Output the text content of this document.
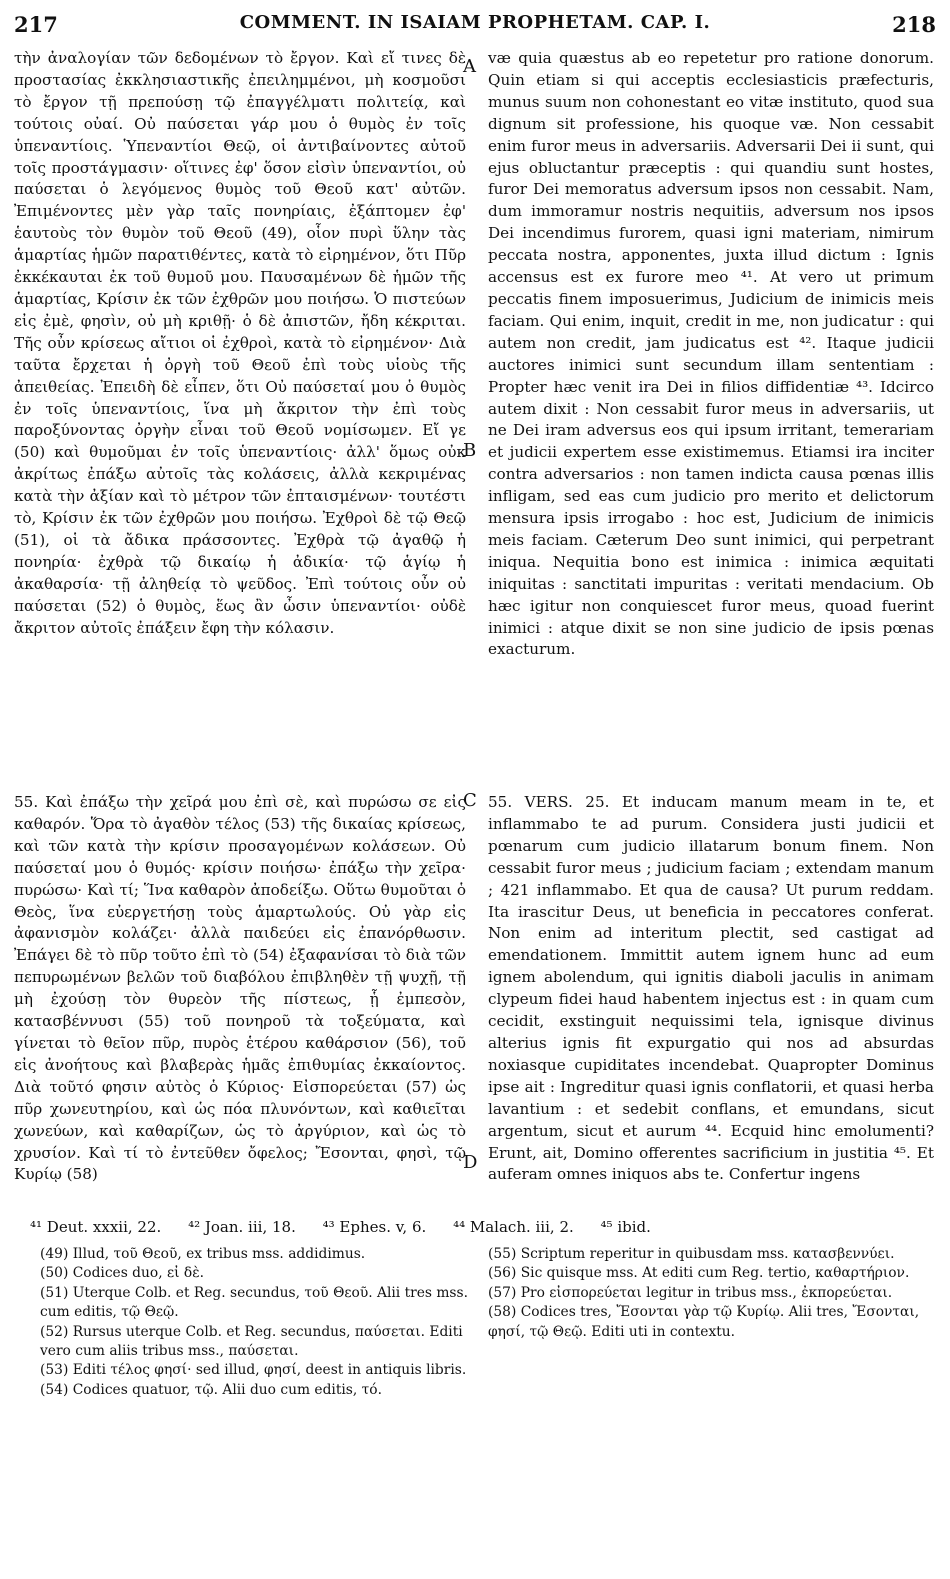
217	COMMENT. IN ISAIAM PROPHETAM. CAP. I.	218

τὴν ἀναλογίαν τῶν δεδομένων τὸ ἔργον. Καὶ εἴ τινες δὲ προστασίας ἐκκλησιαστικῆς ἐπειλημμένοι, μὴ κοσμοῦσι τὸ ἔργον τῇ πρεπούσῃ τῷ ἐπαγγέλματι πολιτείᾳ, καὶ τούτοις οὐαί. Οὐ παύσεται γάρ μου ὁ θυμὸς ἐν τοῖς ὑπεναντίοις. Ὑπεναντίοι Θεῷ, οἱ ἀντιβαίνοντες αὐτοῦ τοῖς προστάγμασιν· οἵτινες ἐφ' ὅσον εἰσὶν ὑπεναντίοι, οὐ παύσεται ὁ λεγόμενος θυμὸς τοῦ Θεοῦ κατ' αὐτῶν. Ἐπιμένοντες μὲν γὰρ ταῖς πονηρίαις, ἐξάπτομεν ἐφ' ἑαυτοὺς τὸν θυμὸν τοῦ Θεοῦ (49), οἷον πυρὶ ὕλην τὰς ἁμαρτίας ἡμῶν παρατιθέντες, κατὰ τὸ εἰρημένον, ὅτι Πῦρ ἐκκέκαυται ἐκ τοῦ θυμοῦ μου. Παυσαμένων δὲ ἡμῶν τῆς ἁμαρτίας, Κρίσιν ἐκ τῶν ἐχθρῶν μου ποιήσω. Ὁ πιστεύων εἰς ἐμὲ, φησὶν, οὐ μὴ κριθῇ· ὁ δὲ ἀπιστῶν, ἤδη κέκριται. Τῆς οὖν κρίσεως αἴτιοι οἱ ἐχθροὶ, κατὰ τὸ εἰρημένον· Διὰ ταῦτα ἔρχεται ἡ ὀργὴ τοῦ Θεοῦ ἐπὶ τοὺς υἱοὺς τῆς ἀπειθείας. Ἐπειδὴ δὲ εἶπεν, ὅτι Οὐ παύσεταί μου ὁ θυμὸς ἐν τοῖς ὑπεναντίοις, ἵνα μὴ ἄκριτον τὴν ἐπὶ τοὺς παροξύνοντας ὀργὴν εἶναι τοῦ Θεοῦ νομίσωμεν. Εἴ γε (50) καὶ θυμοῦμαι ἐν τοῖς ὑπεναντίοις· ἀλλ' ὅμως οὐκ ἀκρίτως ἐπάξω αὐτοῖς τὰς κολάσεις, ἀλλὰ κεκριμένας κατὰ τὴν ἀξίαν καὶ τὸ μέτρον τῶν ἐπταισμένων· τουτέστι τὸ, Κρίσιν ἐκ τῶν ἐχθρῶν μου ποιήσω. Ἐχθροὶ δὲ τῷ Θεῷ (51), οἱ τὰ ἄδικα πράσσοντες. Ἐχθρὰ τῷ ἀγαθῷ ἡ πονηρία· ἐχθρὰ τῷ δικαίῳ ἡ ἀδικία· τῷ ἁγίῳ ἡ ἀκαθαρσία· τῇ ἀληθείᾳ τὸ ψεῦδος. Ἐπὶ τούτοις οὖν οὐ παύσεται (52) ὁ θυμὸς, ἕως ἂν ὦσιν ὑπεναντίοι· οὐδὲ ἄκριτον αὐτοῖς ἐπάξειν ἔφη τὴν κόλασιν.

væ quia quæstus ab eo repetetur pro ratione donorum. Quin etiam si qui acceptis ecclesiasticis præfecturis, munus suum non cohonestant eo vitæ instituto, quod sua dignum sit professione, his quoque væ. Non cessabit enim furor meus in adversariis. Adversarii Dei ii sunt, qui ejus obluctantur præceptis : qui quandiu sunt hostes, furor Dei memoratus adversum ipsos non cessabit. Nam, dum immoramur nostris nequitiis, adversum nos ipsos Dei incendimus furorem, quasi igni materiam, nimirum peccata nostra, apponentes, juxta illud dictum : Ignis accensus est ex furore meo ⁴¹. At vero ut primum peccatis finem imposuerimus, Judicium de inimicis meis faciam. Qui enim, inquit, credit in me, non judicatur : qui autem non credit, jam judicatus est ⁴². Itaque judicii auctores inimici sunt secundum illam sententiam : Propter hæc venit ira Dei in filios diffidentiæ ⁴³. Idcirco autem dixit : Non cessabit furor meus in adversariis, ut ne Dei iram adversus eos qui ipsum irritant, temerariam et judicii expertem esse existimemus. Etiamsi ira inciter contra adversarios : non tamen indicta causa pœnas illis infligam, sed eas cum judicio pro merito et delictorum mensura ipsis irrogabo : hoc est, Judicium de inimicis meis faciam. Cæterum Deo sunt inimici, qui perpetrant iniqua. Nequitia bono est inimica : inimica æquitati iniquitas : sanctitati impuritas : veritati mendacium. Ob hæc igitur non conquiescet furor meus, quoad fuerint inimici : atque dixit se non sine judicio de ipsis pœnas exacturum.

55. Καὶ ἐπάξω τὴν χεῖρά μου ἐπὶ σὲ, καὶ πυρώσω σε εἰς καθαρόν. Ὅρα τὸ ἀγαθὸν τέλος (53) τῆς δικαίας κρίσεως, καὶ τῶν κατὰ τὴν κρίσιν προσαγομένων κολάσεων. Οὐ παύσεταί μου ὁ θυμός· κρίσιν ποιήσω· ἐπάξω τὴν χεῖρα· πυρώσω· Καὶ τί; Ἵνα καθαρὸν ἀποδείξω. Οὕτω θυμοῦται ὁ Θεὸς, ἵνα εὐεργετήσῃ τοὺς ἁμαρτωλούς. Οὐ γὰρ εἰς ἀφανισμὸν κολάζει· ἀλλὰ παιδεύει εἰς ἐπανόρθωσιν. Ἐπάγει δὲ τὸ πῦρ τοῦτο ἐπὶ τὸ (54) ἐξαφανίσαι τὸ διὰ τῶν πεπυρωμένων βελῶν τοῦ διαβόλου ἐπιβληθὲν τῇ ψυχῇ, τῇ μὴ ἐχούσῃ τὸν θυρεὸν τῆς πίστεως, ᾗ ἐμπεσὸν, κατασβέννυσι (55) τοῦ πονηροῦ τὰ τοξεύματα, καὶ γίνεται τὸ θεῖον πῦρ, πυρὸς ἑτέρου καθάρσιον (56), τοῦ εἰς ἀνοήτους καὶ βλαβερὰς ἡμᾶς ἐπιθυμίας ἐκκαίοντος. Διὰ τοῦτό φησιν αὐτὸς ὁ Κύριος· Εἰσπορεύεται (57) ὡς πῦρ χωνευτηρίου, καὶ ὡς πόα πλυνόντων, καὶ καθιεῖται χωνεύων, καὶ καθαρίζων, ὡς τὸ ἀργύριον, καὶ ὡς τὸ χρυσίον. Καὶ τί τὸ ἐντεῦθεν ὄφελος; Ἔσονται, φησὶ, τῷ Κυρίῳ (58)

55. VERS. 25. Et inducam manum meam in te, et inflammabo te ad purum. Considera justi judicii et pœnarum cum judicio illatarum bonum finem. Non cessabit furor meus ; judicium faciam ; extendam manum ; 421 inflammabo. Et qua de causa? Ut purum reddam. Ita irascitur Deus, ut beneficia in peccatores conferat. Non enim ad interitum plectit, sed castigat ad emendationem. Immittit autem ignem hunc ad eum ignem abolendum, qui ignitis diaboli jaculis in animam clypeum fidei haud habentem injectus est : in quam cum cecidit, exstinguit nequissimi tela, ignisque divinus alterius ignis fit expurgatio qui nos ad absurdas noxiasque cupiditates incendebat. Quapropter Dominus ipse ait : Ingreditur quasi ignis conflatorii, et quasi herba lavantium : et sedebit conflans, et emundans, sicut argentum, sicut et aurum ⁴⁴. Ecquid hinc emolumenti? Erunt, ait, Domino offerentes sacrificium in justitia ⁴⁵. Et auferam omnes iniquos abs te. Confertur ingens

A
B
C
D
⁴¹ Deut. xxxii, 22. ⁴² Joan. iii, 18. ⁴³ Ephes. v, 6. ⁴⁴ Malach. iii, 2. ⁴⁵ ibid.
(49) Illud, τοῦ Θεοῦ, ex tribus mss. addidimus.
(50) Codices duo, εἰ δὲ.
(51) Uterque Colb. et Reg. secundus, τοῦ Θεοῦ. Alii tres mss. cum editis, τῷ Θεῷ.
(52) Rursus uterque Colb. et Reg. secundus, παύσεται. Editi vero cum aliis tribus mss., παύσεται.
(53) Editi τέλος φησί· sed illud, φησί, deest in antiquis libris.
(54) Codices quatuor, τῷ. Alii duo cum editis, τό.
(55) Scriptum reperitur in quibusdam mss. κατασβεννύει.
(56) Sic quisque mss. At editi cum Reg. tertio, καθαρτήριον.
(57) Pro εἰσπορεύεται legitur in tribus mss., ἐκπορεύεται.
(58) Codices tres, Ἔσονται γὰρ τῷ Κυρίῳ. Alii tres, Ἔσονται, φησί, τῷ Θεῷ. Editi uti in contextu.
